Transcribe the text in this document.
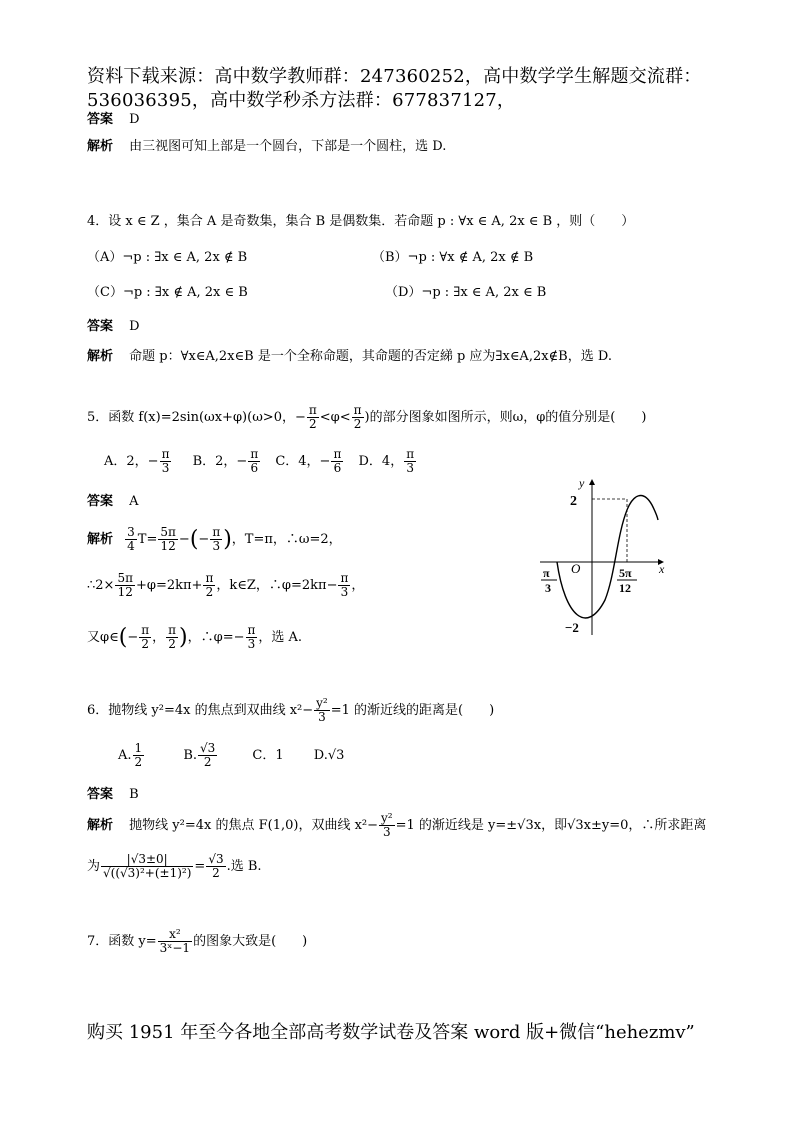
资料下载来源：高中数学教师群：247360252，高中数学学生解题交流群：
536036395，高中数学秒杀方法群：677837127，
答案 D
解析 由三视图可知上部是一个圆台，下部是一个圆柱，选 D.
4．设 x ∈ Z ，集合 A 是奇数集，集合 B 是偶数集．若命题 p : ∀x ∈ A, 2x ∈ B ，则（　　）
（A）¬p : ∃x ∈ A, 2x ∉ B	（B）¬p : ∀x ∉ A, 2x ∉ B
（C）¬p : ∃x ∉ A, 2x ∈ B	（D）¬p : ∃x ∈ A, 2x ∈ B
答案 D
解析 命题 p：∀x∈A,2x∈B 是一个全称命题，其命题的否定綈 p 应为∃x∈A,2x∉B，选 D.
5．函数 f(x)=2sin(ωx+φ)(ω>0，− $\frac{\pi}{2} <\varphi< \frac{\pi}{2}$ )的部分图象如图所示，则ω，φ的值分别是(　　)
A．2，− $\frac{\pi}{3}$ B．2，− $\frac{\pi}{6}$ C．4，− $\frac{\pi}{6}$ D．4， $\frac{\pi}{3}$
答案 A
解析 $\frac{3}{4} T= \frac{5\pi}{12}$ −(− $\frac{\pi}{3}$ )，T=π，∴ω=2，
∴2× $\frac{5\pi}{12} +\varphi=2k\pi+ \frac{\pi}{2}$ ，k∈Z，∴φ=2kπ− $\frac{\pi}{3}$ ，
又φ∈(− $\frac{\pi}{2}$ ， $\frac{\pi}{2}$ )，∴φ=− $\frac{\pi}{3}$ ，选 A.
y
x
2
−2
O
π
3
5π
12
6．抛物线 y²=4x 的焦点到双曲线 $x^2- \frac{\text{y²}}{3} =1$ 的渐近线的距离是(　　)
A. $\frac{1}{2}$	B. $\frac{√3}{2}$	C．1 D.√3
答案 B
解析 抛物线 y²=4x 的焦点 F(1,0)，双曲线 $x^2- \frac{\text{y²}}{3} =1$ 的渐近线是 y=±√3x，即√3x±y=0，∴所求距离
为 $\frac{|√3\pm 0|}{\text{√((√3)²+(±1)²)}} = \frac{√3}{2}$ .选 B.
7．函数 $y= \frac{\text{x²}}{\text{3ˣ−1}}$ 的图象大致是(　　)
购买 1951 年至今各地全部高考数学试卷及答案 word 版+微信“hehezmv”
